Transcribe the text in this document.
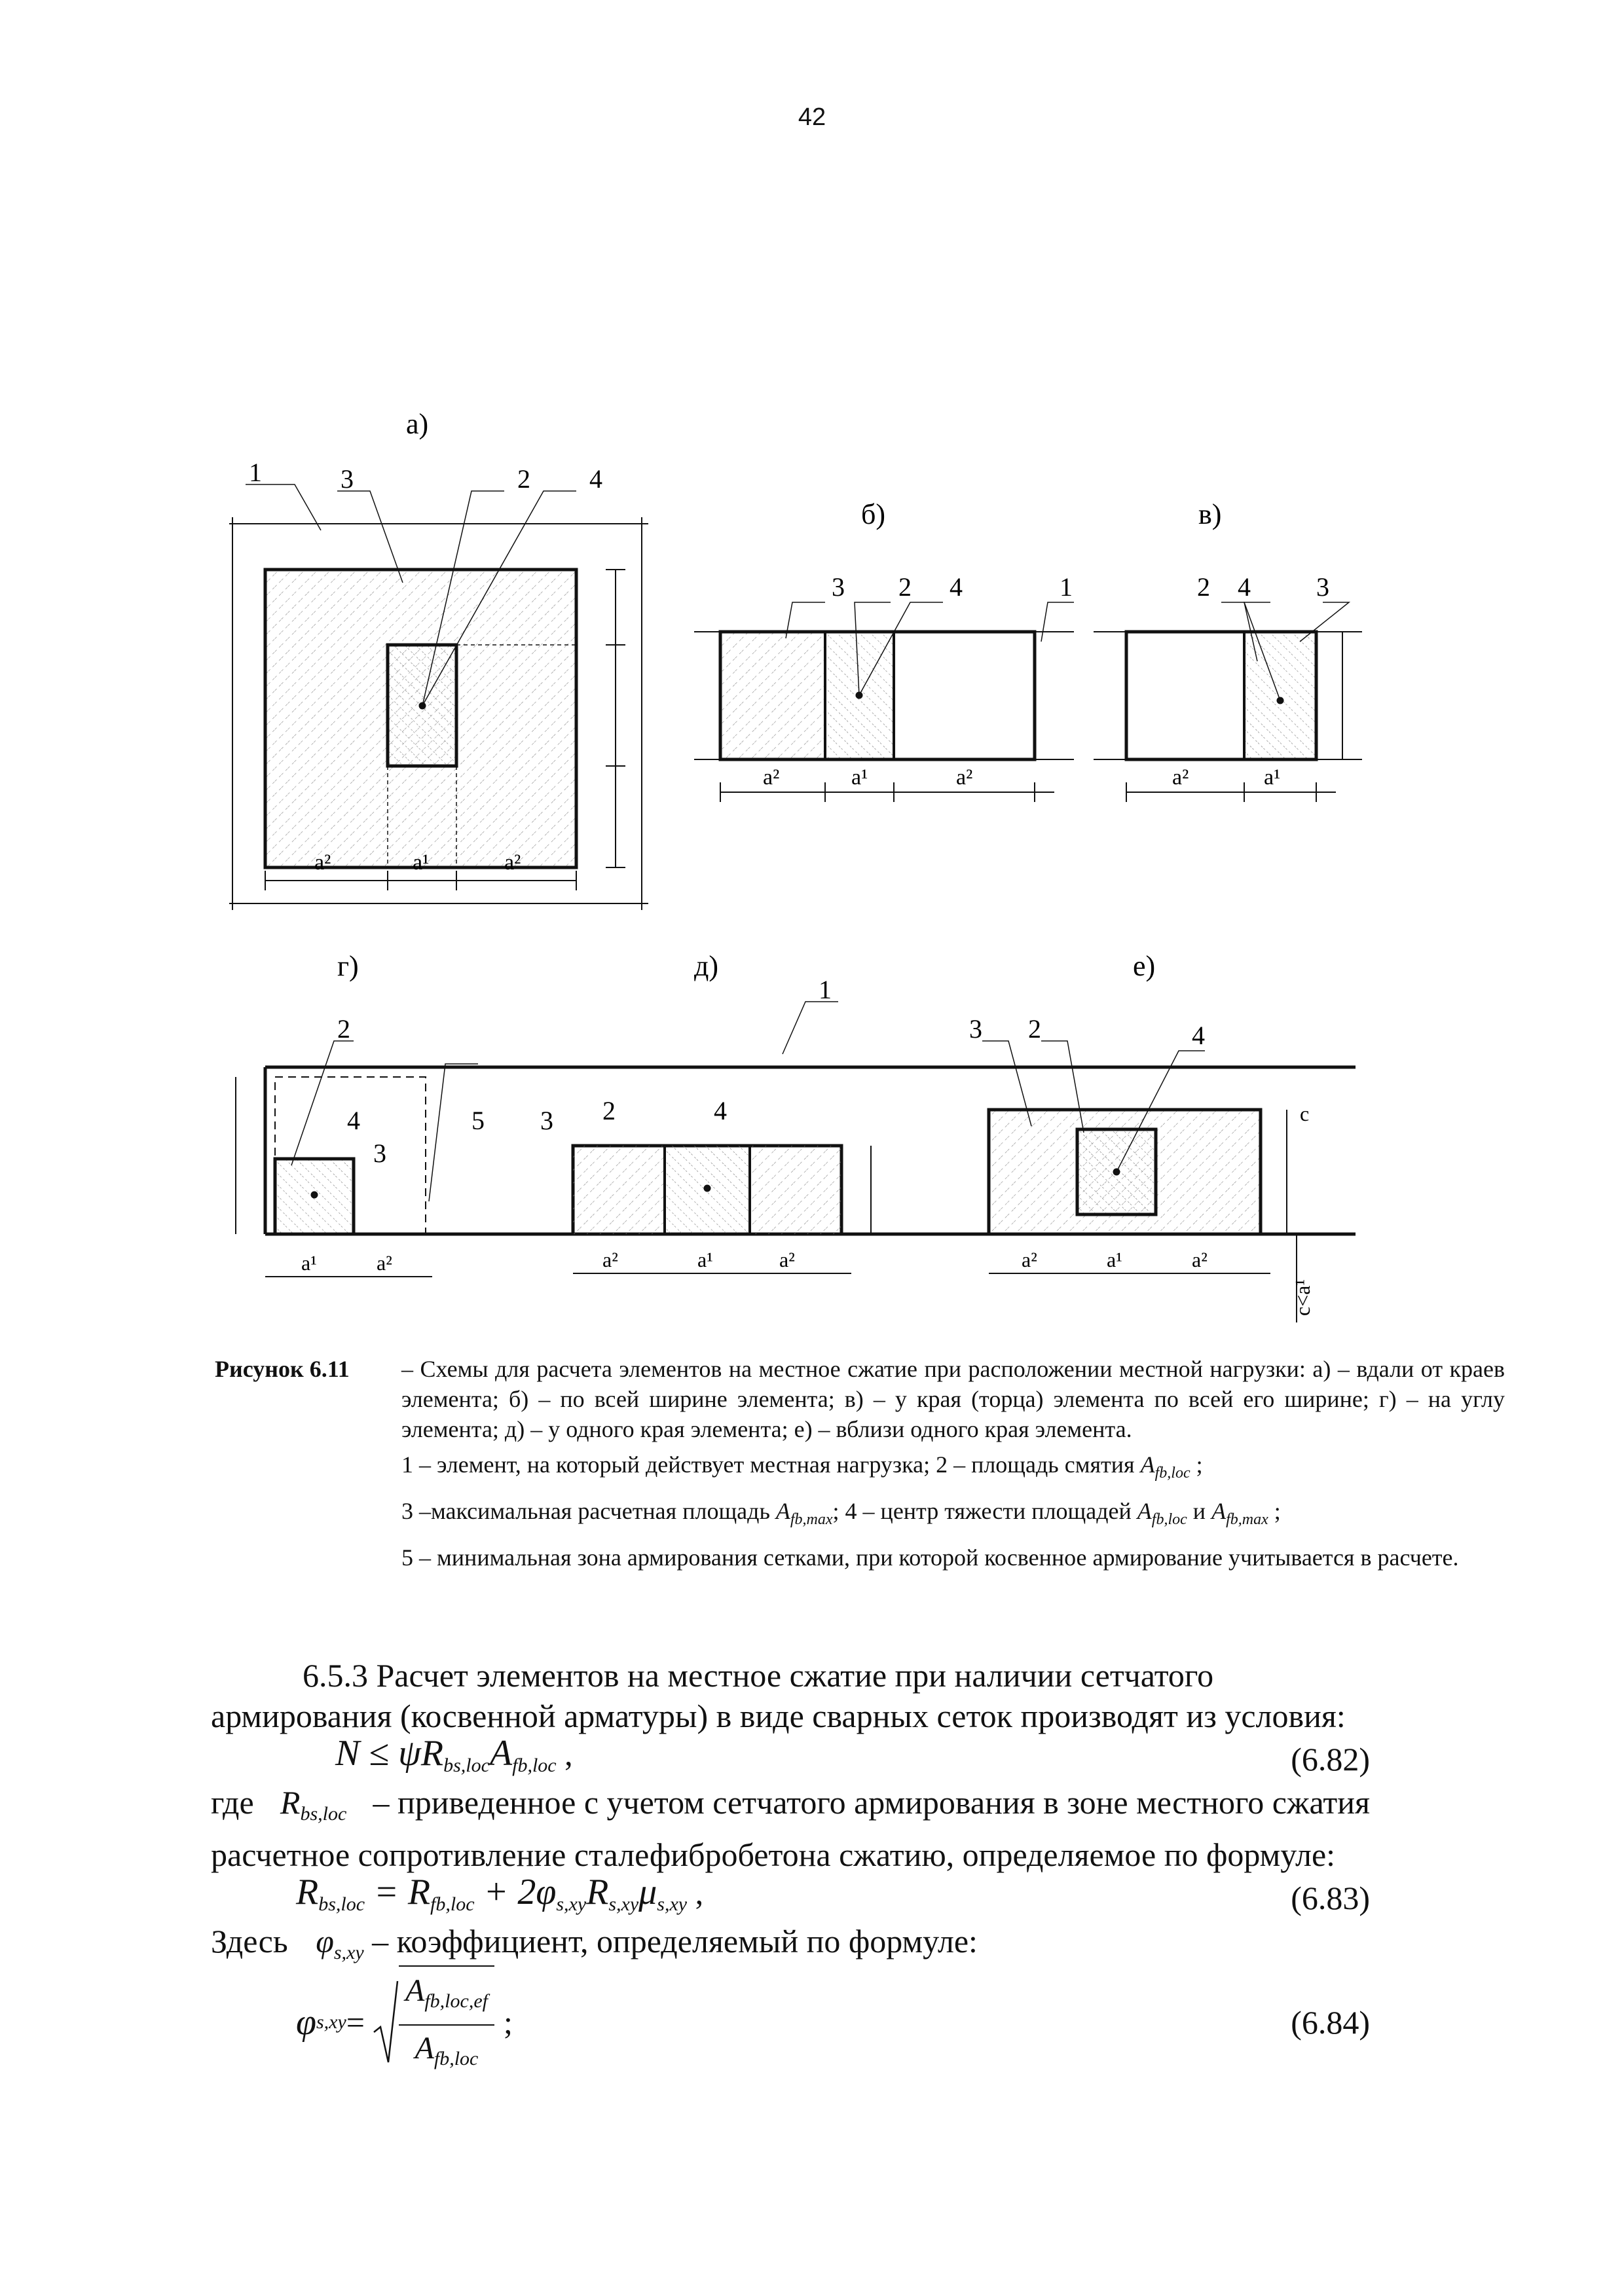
42
а)
1	3	2 4
a²	a¹	a²
б)
3 2 4
a²	a¹	a²
в)
1	2 4	3
a²	a¹
г)	д)	е)
2
4
3
5 3 2	4
1
3 2	4
a¹	a²	a²	a¹	a²	a²	a¹	a²
c
c<a¹
Рисунок 6.11	– Схемы для расчета элементов на местное сжатие при расположении местной нагрузки: а) – вдали от краев элемента; б) – по всей ширине элемента; в) – у края (торца) элемента по всей его ширине; г) – на углу элемента; д) – у одного края элемента; е) – вблизи одного края элемента.

1 – элемент, на который действует местная нагрузка; 2 – площадь смятия $A_{fb,loc}$ ;

3 –максимальная расчетная площадь $A_{fb,max}$; 4 – центр тяжести площадей $A_{fb,loc}$ и $A_{fb,max}$ ;

5 – минимальная зона армирования сетками, при которой косвенное армирование учитывается в расчете.

6.5.3 Расчет элементов на местное сжатие при наличии сетчатого армирования (косвенной арматуры) в виде сварных сеток производят из условия:

$N \le \psi R_{bs,loc}A_{fb,loc}$ ,	(6.82)
где $R_{bs,loc}$ – приведенное с учетом сетчатого армирования в зоне местного сжатия

расчетное сопротивление сталефибробетона сжатию, определяемое по формуле:

$R_{bs,loc} = R_{fb,loc} + 2\varphi_{s,xy}R_{s,xy}\mu_{s,xy}$ ,	(6.83)

Здесь $\varphi_{s,xy}$ – коэффициент, определяемый по формуле:

φ $s,xy = \frac{A_{fb,loc,ef}}{A_{fb,loc}}$ ;	(6.84)
